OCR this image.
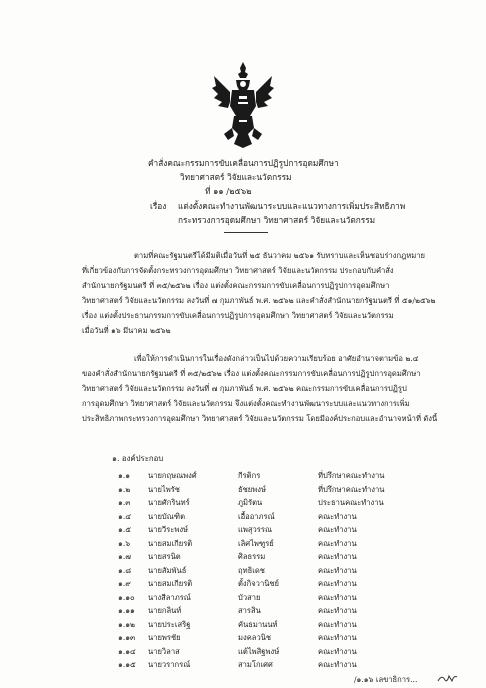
คำสั่งคณะกรรมการขับเคลื่อนการปฏิรูปการอุดมศึกษา
วิทยาศาสตร์ วิจัยและนวัตกรรม
ที่ ๑๑ /๒๕๖๒
เรื่อง แต่งตั้งคณะทำงานพัฒนาระบบและแนวทางการเพิ่มประสิทธิภาพ
กระทรวงการอุดมศึกษา วิทยาศาสตร์ วิจัยและนวัตกรรม
ตามที่คณะรัฐมนตรีได้มีมติเมื่อวันที่ ๒๕ ธันวาคม ๒๕๖๑ รับทราบและเห็นชอบร่างกฎหมาย
ที่เกี่ยวข้องกับการจัดตั้งกระทรวงการอุดมศึกษา วิทยาศาสตร์ วิจัยและนวัตกรรม ประกอบกับคำสั่ง
สำนักนายกรัฐมนตรี ที่ ๓๕/๒๕๖๒ เรื่อง แต่งตั้งคณะกรรมการขับเคลื่อนการปฏิรูปการอุดมศึกษา
วิทยาศาสตร์ วิจัยและนวัตกรรม ลงวันที่ ๗ กุมภาพันธ์ พ.ศ. ๒๕๖๒ และคำสั่งสำนักนายกรัฐมนตรี ที่ ๕๑/๒๕๖๒
เรื่อง แต่งตั้งประธานกรรมการขับเคลื่อนการปฏิรูปการอุดมศึกษา วิทยาศาสตร์ วิจัยและนวัตกรรม
เมื่อวันที่ ๑๖ มีนาคม ๒๕๖๒
เพื่อให้การดำเนินการในเรื่องดังกล่าวเป็นไปด้วยความเรียบร้อย อาศัยอำนาจตามข้อ ๒.๔
ของคำสั่งสำนักนายกรัฐมนตรี ที่ ๓๕/๒๕๖๒ เรื่อง แต่งตั้งคณะกรรมการขับเคลื่อนการปฏิรูปการอุดมศึกษา
วิทยาศาสตร์ วิจัยและนวัตกรรม ลงวันที่ ๗ กุมภาพันธ์ พ.ศ. ๒๕๖๒ คณะกรรมการขับเคลื่อนการปฏิรูป
การอุดมศึกษา วิทยาศาสตร์ วิจัยและนวัตกรรม จึงแต่งตั้งคณะทำงานพัฒนาระบบและแนวทางการเพิ่ม
ประสิทธิภาพกระทรวงการอุดมศึกษา วิทยาศาสตร์ วิจัยและนวัตกรรม โดยมีองค์ประกอบและอำนาจหน้าที่ ดังนี้
๑. องค์ประกอบ
๑.๑ นายกฤษณพงศ์	กีรติกร	ที่ปรึกษาคณะทำงาน
๑.๒ นายไพรัช	ธัชยพงษ์	ที่ปรึกษาคณะทำงาน
๑.๓ นายศักรินทร์	ภูมิรัตน	ประธานคณะทำงาน
๑.๔ นายบัณฑิต	เอื้ออาภรณ์	คณะทำงาน
๑.๕ นายวีระพงษ์	แพสุวรรณ	คณะทำงาน
๑.๖ นายสมเกียรติ	เลิศไพฑูรย์	คณะทำงาน
๑.๗ นายสรนิต	ศิลธรรม	คณะทำงาน
๑.๘ นายสัมพันธ์	ฤทธิเดช	คณะทำงาน
๑.๙ นายสมเกียรติ	ตั้งกิจวานิชย์	คณะทำงาน
๑.๑๐ นางสีลาภรณ์	บัวสาย	คณะทำงาน
๑.๑๑ นายกลินท์	สารสิน	คณะทำงาน
๑.๑๒ นายประเสริฐ	คันธมานนท์	คณะทำงาน
๑.๑๓ นายพรชัย	มงคลวนิช	คณะทำงาน
๑.๑๔ นายวิลาส	แต้ไพสิฐพงษ์	คณะทำงาน
๑.๑๕ นายวรากรณ์	สามโกเศศ	คณะทำงาน
/๑.๑๖ เลขาธิการ...
